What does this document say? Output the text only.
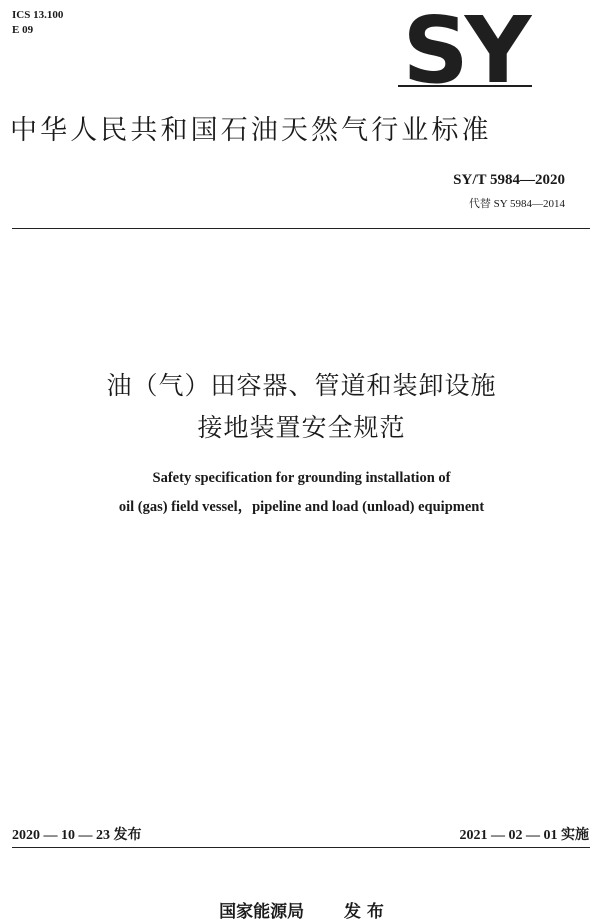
ICS 13.100
E 09	SY
中华人民共和国石油天然气行业标准
SY/T 5984—2020
代替 SY 5984—2014
油（气）田容器、管道和装卸设施
接地装置安全规范
Safety specification for grounding installation of
oil (gas) field vessel，pipeline and load (unload) equipment
2020 — 10 — 23 发布	2021 — 02 — 01 实施
国家能源局 发 布
